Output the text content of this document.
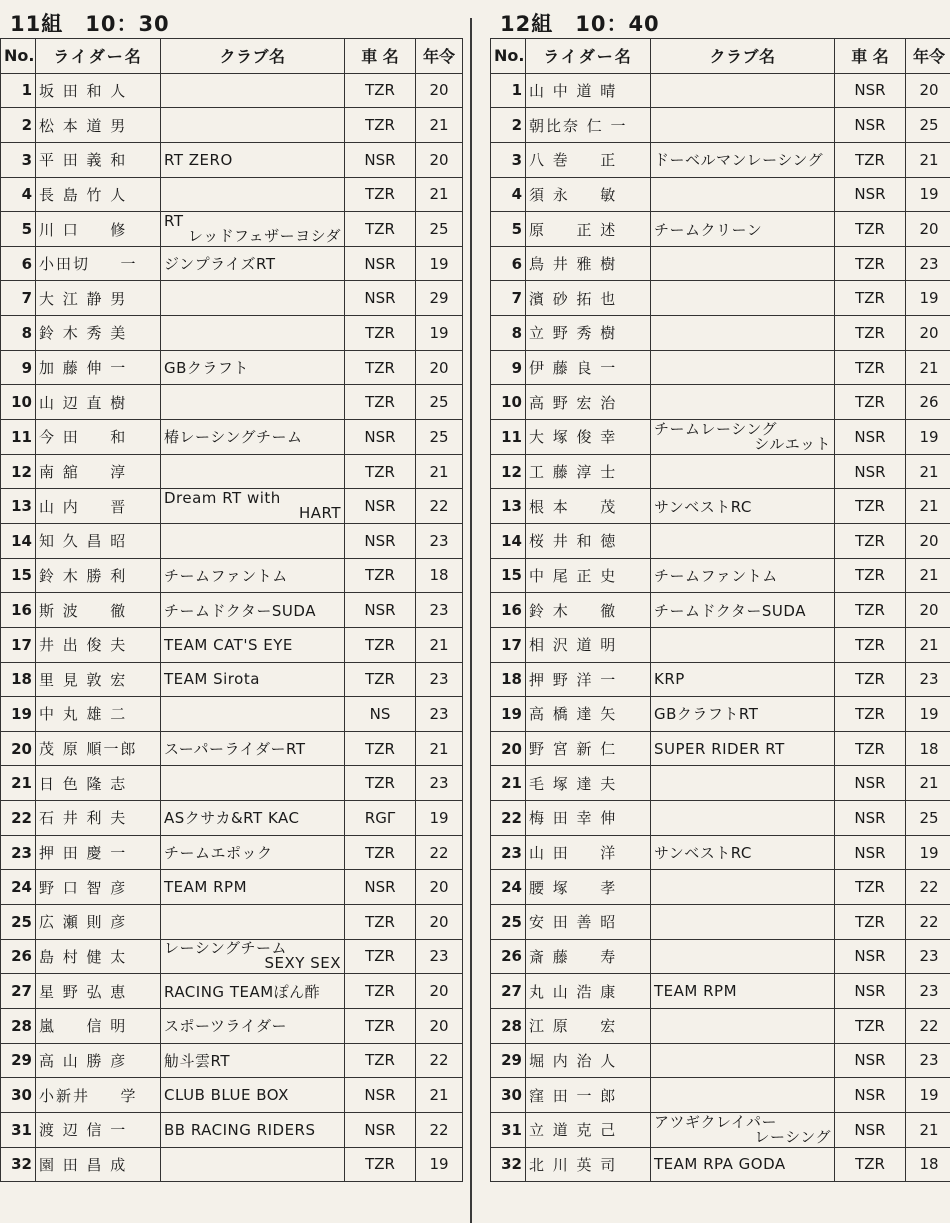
11組　10：30
No.	ライダー名	クラブ名	車 名	年令
1	坂 田 和 人		TZR	20
2	松 本 道 男		TZR	21
3	平 田 義 和	RT ZERO	NSR	20
4	長 島 竹 人		TZR	21
5	川 口 　 修	RT
レッドフェザーヨシダ	TZR	25
6	小田切 　 一	ジンプライズRT	NSR	19
7	大 江 静 男		NSR	29
8	鈴 木 秀 美		TZR	19
9	加 藤 伸 一	GBクラフト	TZR	20
10	山 辺 直 樹		TZR	25
11	今 田 　 和	椿レーシングチーム	NSR	25
12	南 舘 　 淳		TZR	21
13	山 内 　 晋	Dream RT with
HART	NSR	22
14	知 久 昌 昭		NSR	23
15	鈴 木 勝 利	チームファントム	TZR	18
16	斯 波 　 徹	チームドクターSUDA	NSR	23
17	井 出 俊 夫	TEAM CAT'S EYE	TZR	21
18	里 見 敦 宏	TEAM Sirota	TZR	23
19	中 丸 雄 二		NS	23
20	茂 原 順一郎	スーパーライダーRT	TZR	21
21	日 色 隆 志		TZR	23
22	石 井 利 夫	ASクサカ&RT KAC	RGΓ	19
23	押 田 慶 一	チームエポック	TZR	22
24	野 口 智 彦	TEAM RPM	NSR	20
25	広 瀬 則 彦		TZR	20
26	島 村 健 太	レーシングチーム
SEXY SEX	TZR	23
27	星 野 弘 恵	RACING TEAMぽん酢	TZR	20
28	嵐 　 信 明	スポーツライダー	TZR	20
29	高 山 勝 彦	觔斗雲RT	TZR	22
30	小新井 　 学	CLUB BLUE BOX	NSR	21
31	渡 辺 信 一	BB RACING RIDERS	NSR	22
32	園 田 昌 成		TZR	19
12組　10：40
No.	ライダー名	クラブ名	車 名	年令
1	山 中 道 晴		NSR	20
2	朝比奈 仁 一		NSR	25
3	八 巻 　 正	ドーベルマンレーシング	TZR	21
4	須 永 　 敏		NSR	19
5	原 　 正 述	チームクリーン	TZR	20
6	鳥 井 雅 樹		TZR	23
7	濱 砂 拓 也		TZR	19
8	立 野 秀 樹		TZR	20
9	伊 藤 良 一		TZR	21
10	高 野 宏 治		TZR	26
11	大 塚 俊 幸	チームレーシング
シルエット	NSR	19
12	工 藤 淳 士		NSR	21
13	根 本 　 茂	サンベストRC	TZR	21
14	桜 井 和 徳		TZR	20
15	中 尾 正 史	チームファントム	TZR	21
16	鈴 木 　 徹	チームドクターSUDA	TZR	20
17	相 沢 道 明		TZR	21
18	押 野 洋 一	KRP	TZR	23
19	高 橋 達 矢	GBクラフトRT	TZR	19
20	野 宮 新 仁	SUPER RIDER RT	TZR	18
21	毛 塚 達 夫		NSR	21
22	梅 田 幸 伸		NSR	25
23	山 田 　 洋	サンベストRC	NSR	19
24	腰 塚 　 孝		TZR	22
25	安 田 善 昭		TZR	22
26	斎 藤 　 寿		NSR	23
27	丸 山 浩 康	TEAM RPM	NSR	23
28	江 原 　 宏		TZR	22
29	堀 内 治 人		NSR	23
30	窪 田 一 郎		NSR	19
31	立 道 克 己	アツギクレイパー
レーシング	NSR	21
32	北 川 英 司	TEAM RPA GODA	TZR	18
